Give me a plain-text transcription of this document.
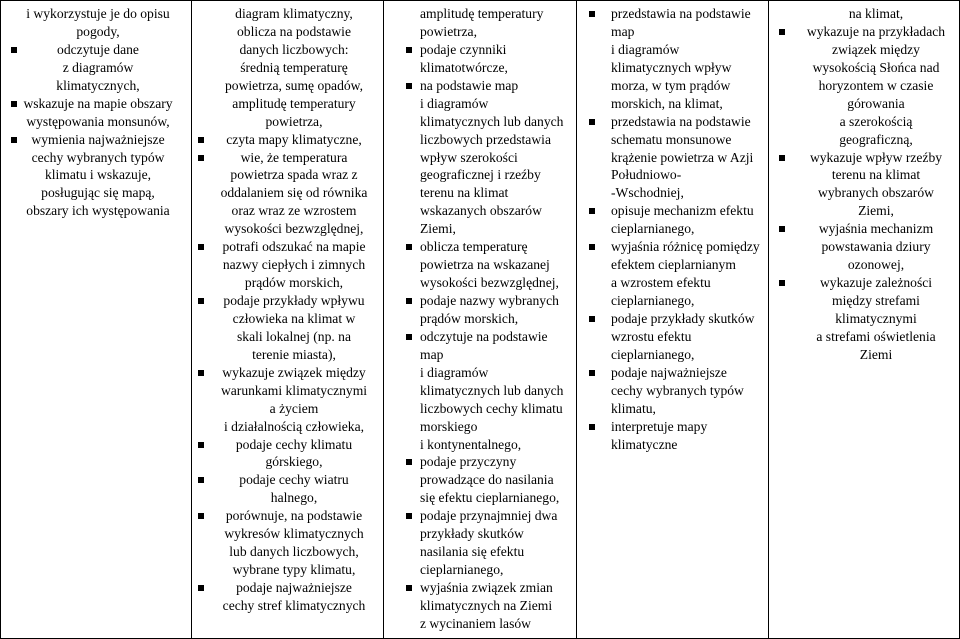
i wykorzystuje je do opisu
pogody,
odczytuje dane
z diagramów
klimatycznych,
wskazuje na mapie obszary
występowania monsunów,
wymienia najważniejsze
cechy wybranych typów
klimatu i wskazuje,
posługując się mapą,
obszary ich występowania
diagram klimatyczny,
oblicza na podstawie
danych liczbowych:
średnią temperaturę
powietrza, sumę opadów,
amplitudę temperatury
powietrza,
czyta mapy klimatyczne,
wie, że temperatura
powietrza spada wraz z
oddalaniem się od równika
oraz wraz ze wzrostem
wysokości bezwzględnej,
potrafi odszukać na mapie
nazwy ciepłych i zimnych
prądów morskich,
podaje przykłady wpływu
człowieka na klimat w
skali lokalnej (np. na
terenie miasta),
wykazuje związek między
warunkami klimatycznymi
a życiem
i działalnością człowieka,
podaje cechy klimatu
górskiego,
podaje cechy wiatru
halnego,
porównuje, na podstawie
wykresów klimatycznych
lub danych liczbowych,
wybrane typy klimatu,
podaje najważniejsze
cechy stref klimatycznych
amplitudę temperatury
powietrza,
podaje czynniki
klimatotwórcze,
na podstawie map
i diagramów
klimatycznych lub danych
liczbowych przedstawia
wpływ szerokości
geograficznej i rzeźby
terenu na klimat
wskazanych obszarów
Ziemi,
oblicza temperaturę
powietrza na wskazanej
wysokości bezwzględnej,
podaje nazwy wybranych
prądów morskich,
odczytuje na podstawie
map
i diagramów
klimatycznych lub danych
liczbowych cechy klimatu
morskiego
i kontynentalnego,
podaje przyczyny
prowadzące do nasilania
się efektu cieplarnianego,
podaje przynajmniej dwa
przykłady skutków
nasilania się efektu
cieplarnianego,
wyjaśnia związek zmian
klimatycznych na Ziemi
z wycinaniem lasów
przedstawia na podstawie
map
i diagramów
klimatycznych wpływ
morza, w tym prądów
morskich, na klimat,
przedstawia na podstawie
schematu monsunowe
krążenie powietrza w Azji
Południowo-
-Wschodniej,
opisuje mechanizm efektu
cieplarnianego,
wyjaśnia różnicę pomiędzy
efektem cieplarnianym
a wzrostem efektu
cieplarnianego,
podaje przykłady skutków
wzrostu efektu
cieplarnianego,
podaje najważniejsze
cechy wybranych typów
klimatu,
interpretuje mapy
klimatyczne
na klimat,
wykazuje na przykładach
związek między
wysokością Słońca nad
horyzontem w czasie
górowania
a szerokością
geograficzną,
wykazuje wpływ rzeźby
terenu na klimat
wybranych obszarów
Ziemi,
wyjaśnia mechanizm
powstawania dziury
ozonowej,
wykazuje zależności
między strefami
klimatycznymi
a strefami oświetlenia
Ziemi
